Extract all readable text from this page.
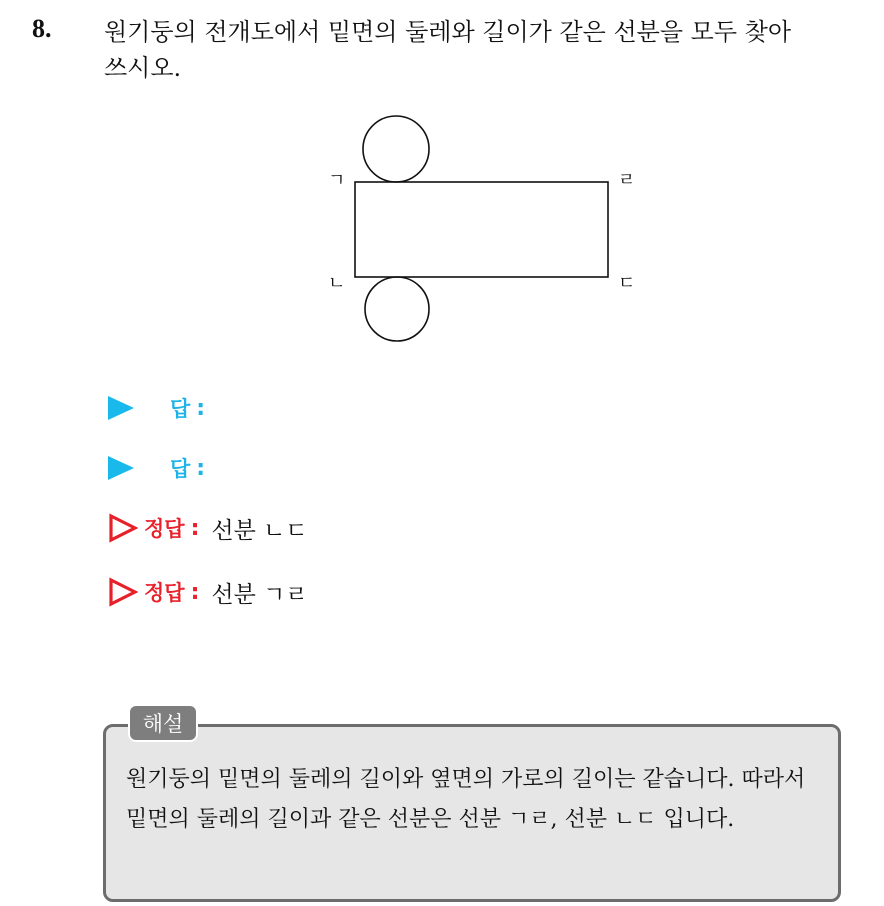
8. 원기둥의 전개도에서 밑면의 둘레와 길이가 같은 선분을 모두 찾아 쓰시오.
ㄱ	ㄹ
ㄴ	ㄷ
답 :
답 :
정답 : 선분 ㄴㄷ
정답 : 선분 ㄱㄹ
해설
원기둥의 밑면의 둘레의 길이와 옆면의 가로의 길이는 같습니다. 따라서 밑면의 둘레의 길이과 같은 선분은 선분 ㄱㄹ, 선분 ㄴㄷ 입니다.
